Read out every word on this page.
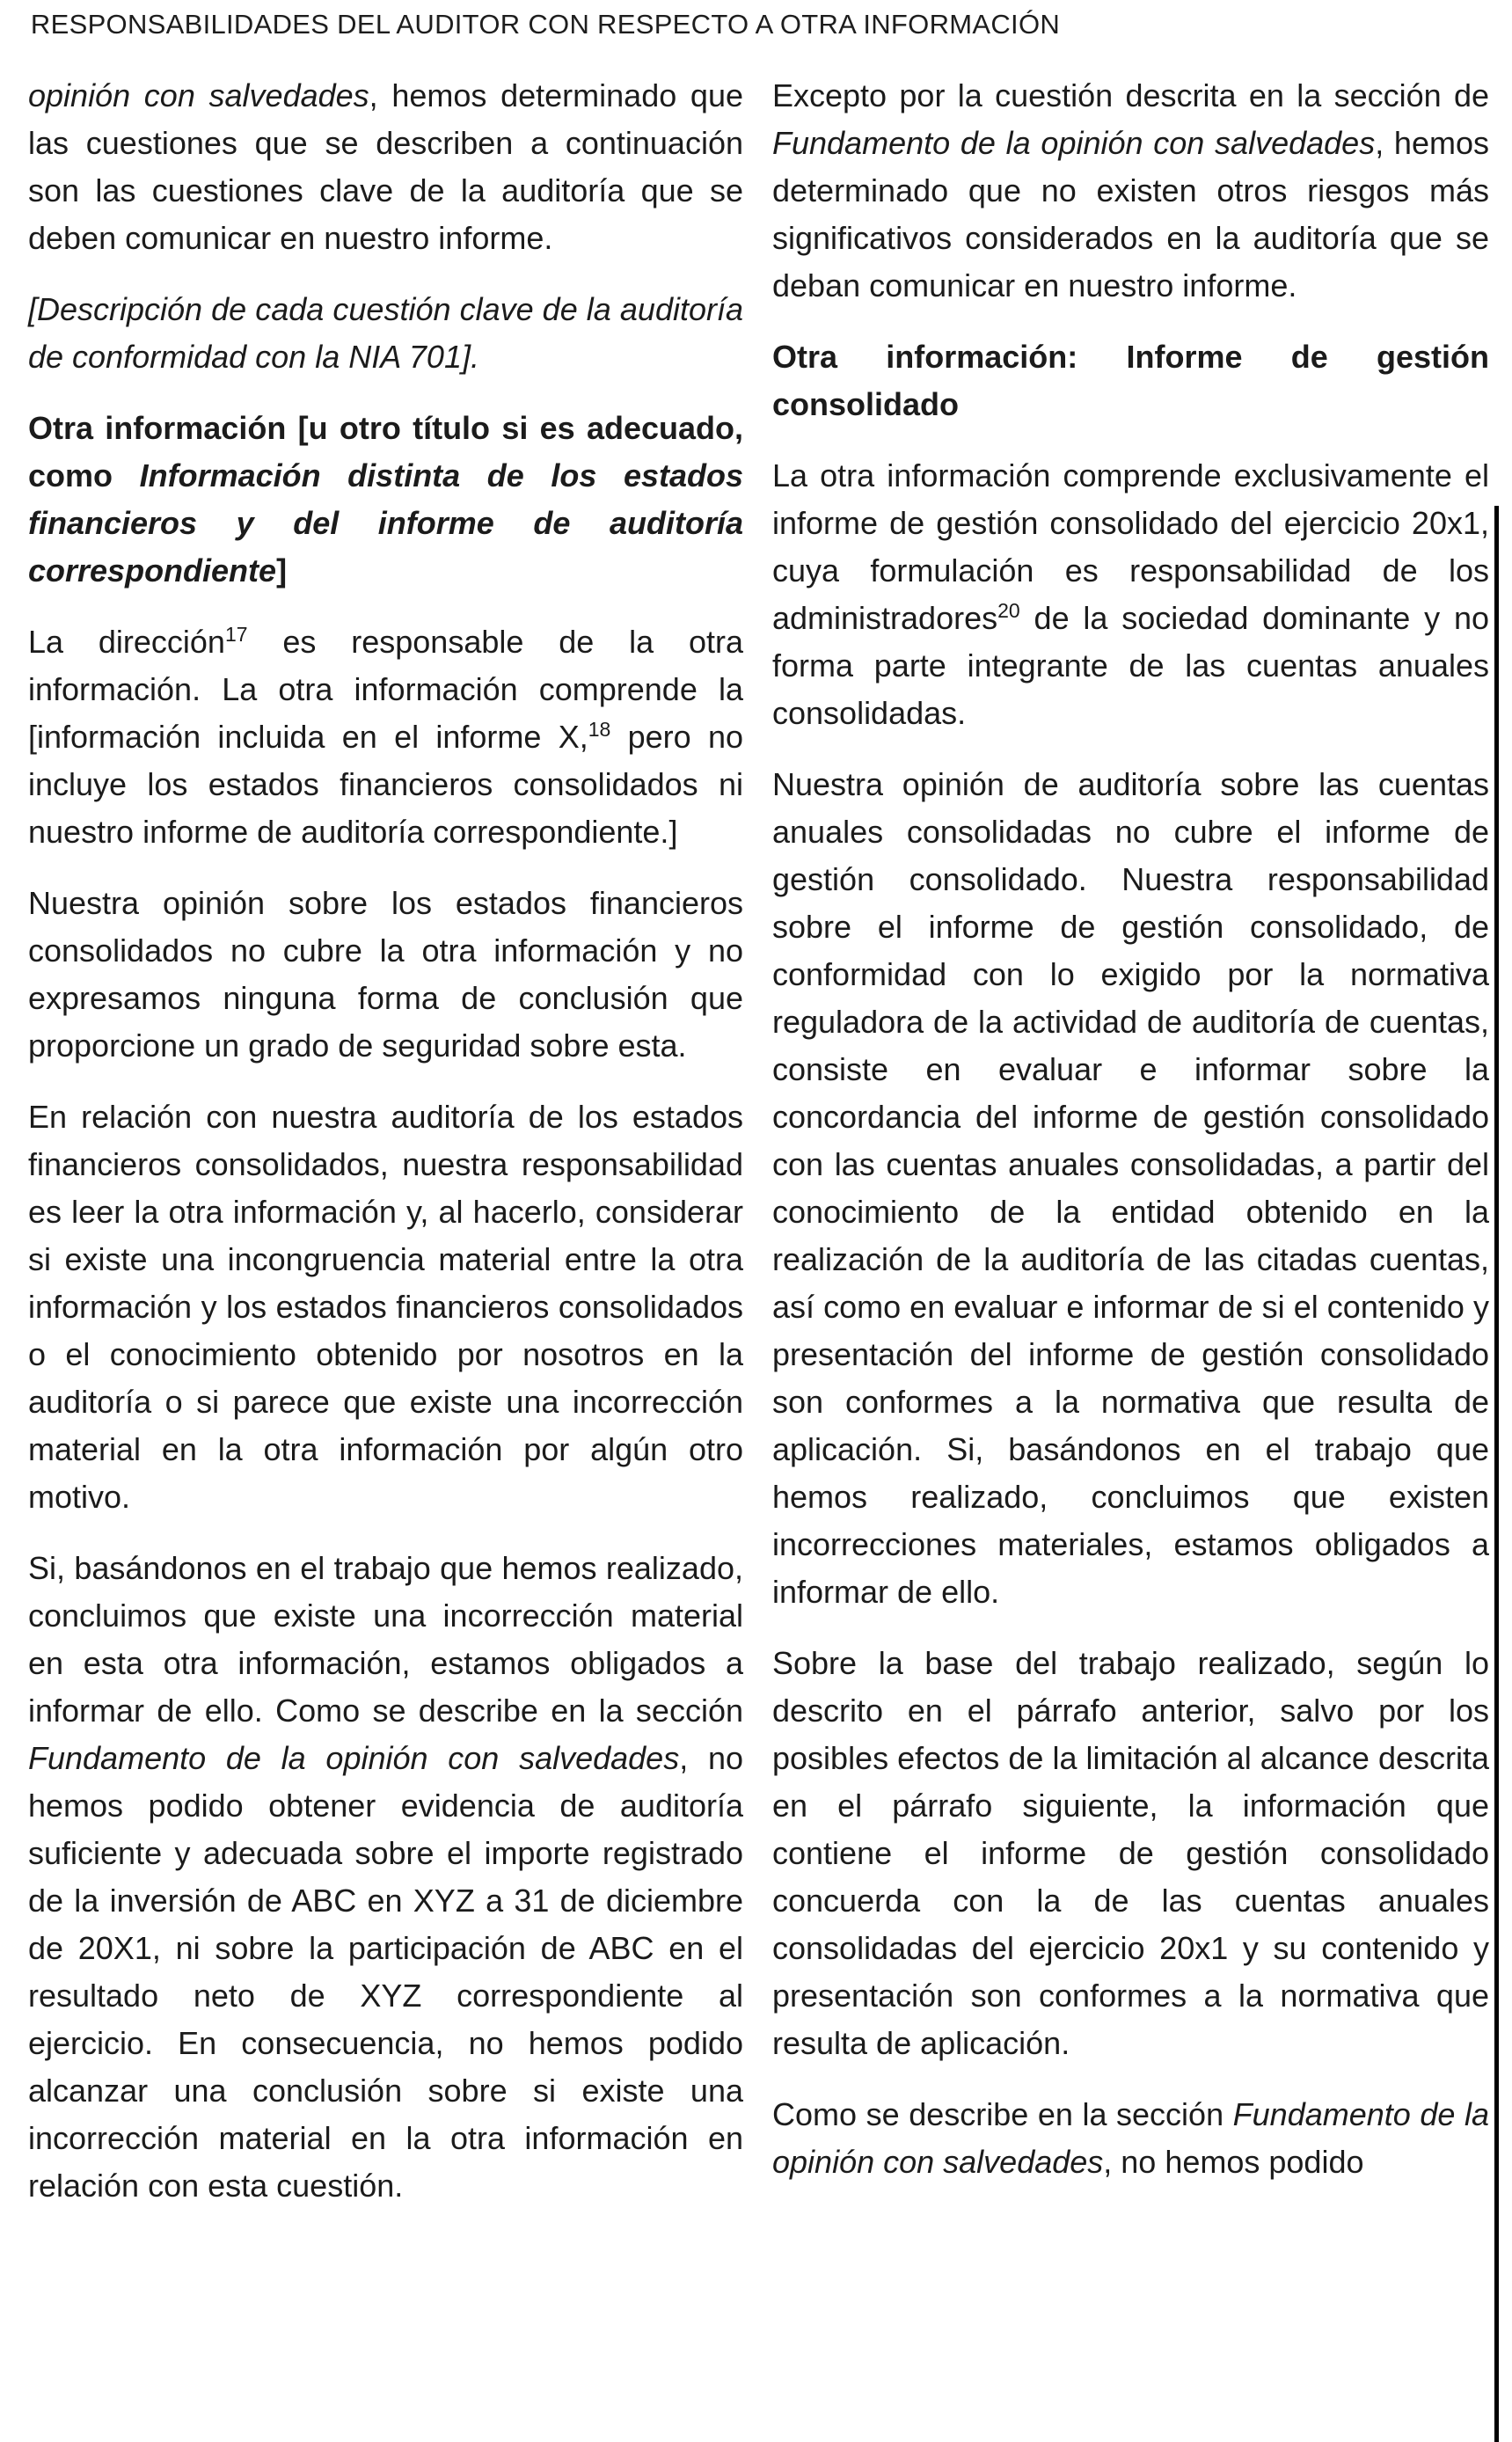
RESPONSABILIDADES DEL AUDITOR CON RESPECTO A OTRA INFORMACIÓN

opinión con salvedades, hemos determinado que las cuestiones que se describen a continuación son las cuestiones clave de la auditoría que se deben comunicar en nuestro informe.

[Descripción de cada cuestión clave de la auditoría de conformidad con la NIA 701].

Otra información [u otro título si es adecuado, como Información distinta de los estados financieros y del informe de auditoría correspondiente]

La dirección$^{17}$ es responsable de la otra información. La otra información comprende la [información incluida en el informe X,$^{18}$ pero no incluye los estados financieros consolidados ni nuestro informe de auditoría correspondiente.]

Nuestra opinión sobre los estados financieros consolidados no cubre la otra información y no expresamos ninguna forma de conclusión que proporcione un grado de seguridad sobre esta.

En relación con nuestra auditoría de los estados financieros consolidados, nuestra responsabilidad es leer la otra información y, al hacerlo, considerar si existe una incongruencia material entre la otra información y los estados financieros consolidados o el conocimiento obtenido por nosotros en la auditoría o si parece que existe una incorrección material en la otra información por algún otro motivo.

Si, basándonos en el trabajo que hemos realizado, concluimos que existe una incorrección material en esta otra información, estamos obligados a informar de ello. Como se describe en la sección Fundamento de la opinión con salvedades, no hemos podido obtener evidencia de auditoría suficiente y adecuada sobre el importe registrado de la inversión de ABC en XYZ a 31 de diciembre de 20X1, ni sobre la participación de ABC en el resultado neto de XYZ correspondiente al ejercicio. En consecuencia, no hemos podido alcanzar una conclusión sobre si existe una incorrección material en la otra información en relación con esta cuestión.

Excepto por la cuestión descrita en la sección de Fundamento de la opinión con salvedades, hemos determinado que no existen otros riesgos más significativos considerados en la auditoría que se deban comunicar en nuestro informe.

Otra información: Informe de gestión consolidado

La otra información comprende exclusivamente el informe de gestión consolidado del ejercicio 20x1, cuya formulación es responsabilidad de los administradores$^{20}$ de la sociedad dominante y no forma parte integrante de las cuentas anuales consolidadas.

Nuestra opinión de auditoría sobre las cuentas anuales consolidadas no cubre el informe de gestión consolidado. Nuestra responsabilidad sobre el informe de gestión consolidado, de conformidad con lo exigido por la normativa reguladora de la actividad de auditoría de cuentas, consiste en evaluar e informar sobre la concordancia del informe de gestión consolidado con las cuentas anuales consolidadas, a partir del conocimiento de la entidad obtenido en la realización de la auditoría de las citadas cuentas, así como en evaluar e informar de si el contenido y presentación del informe de gestión consolidado son conformes a la normativa que resulta de aplicación. Si, basándonos en el trabajo que hemos realizado, concluimos que existen incorrecciones materiales, estamos obligados a informar de ello.

Sobre la base del trabajo realizado, según lo descrito en el párrafo anterior, salvo por los posibles efectos de la limitación al alcance descrita en el párrafo siguiente, la información que contiene el informe de gestión consolidado concuerda con la de las cuentas anuales consolidadas del ejercicio 20x1 y su contenido y presentación son conformes a la normativa que resulta de aplicación.

Como se describe en la sección Fundamento de la opinión con salvedades, no hemos podido
